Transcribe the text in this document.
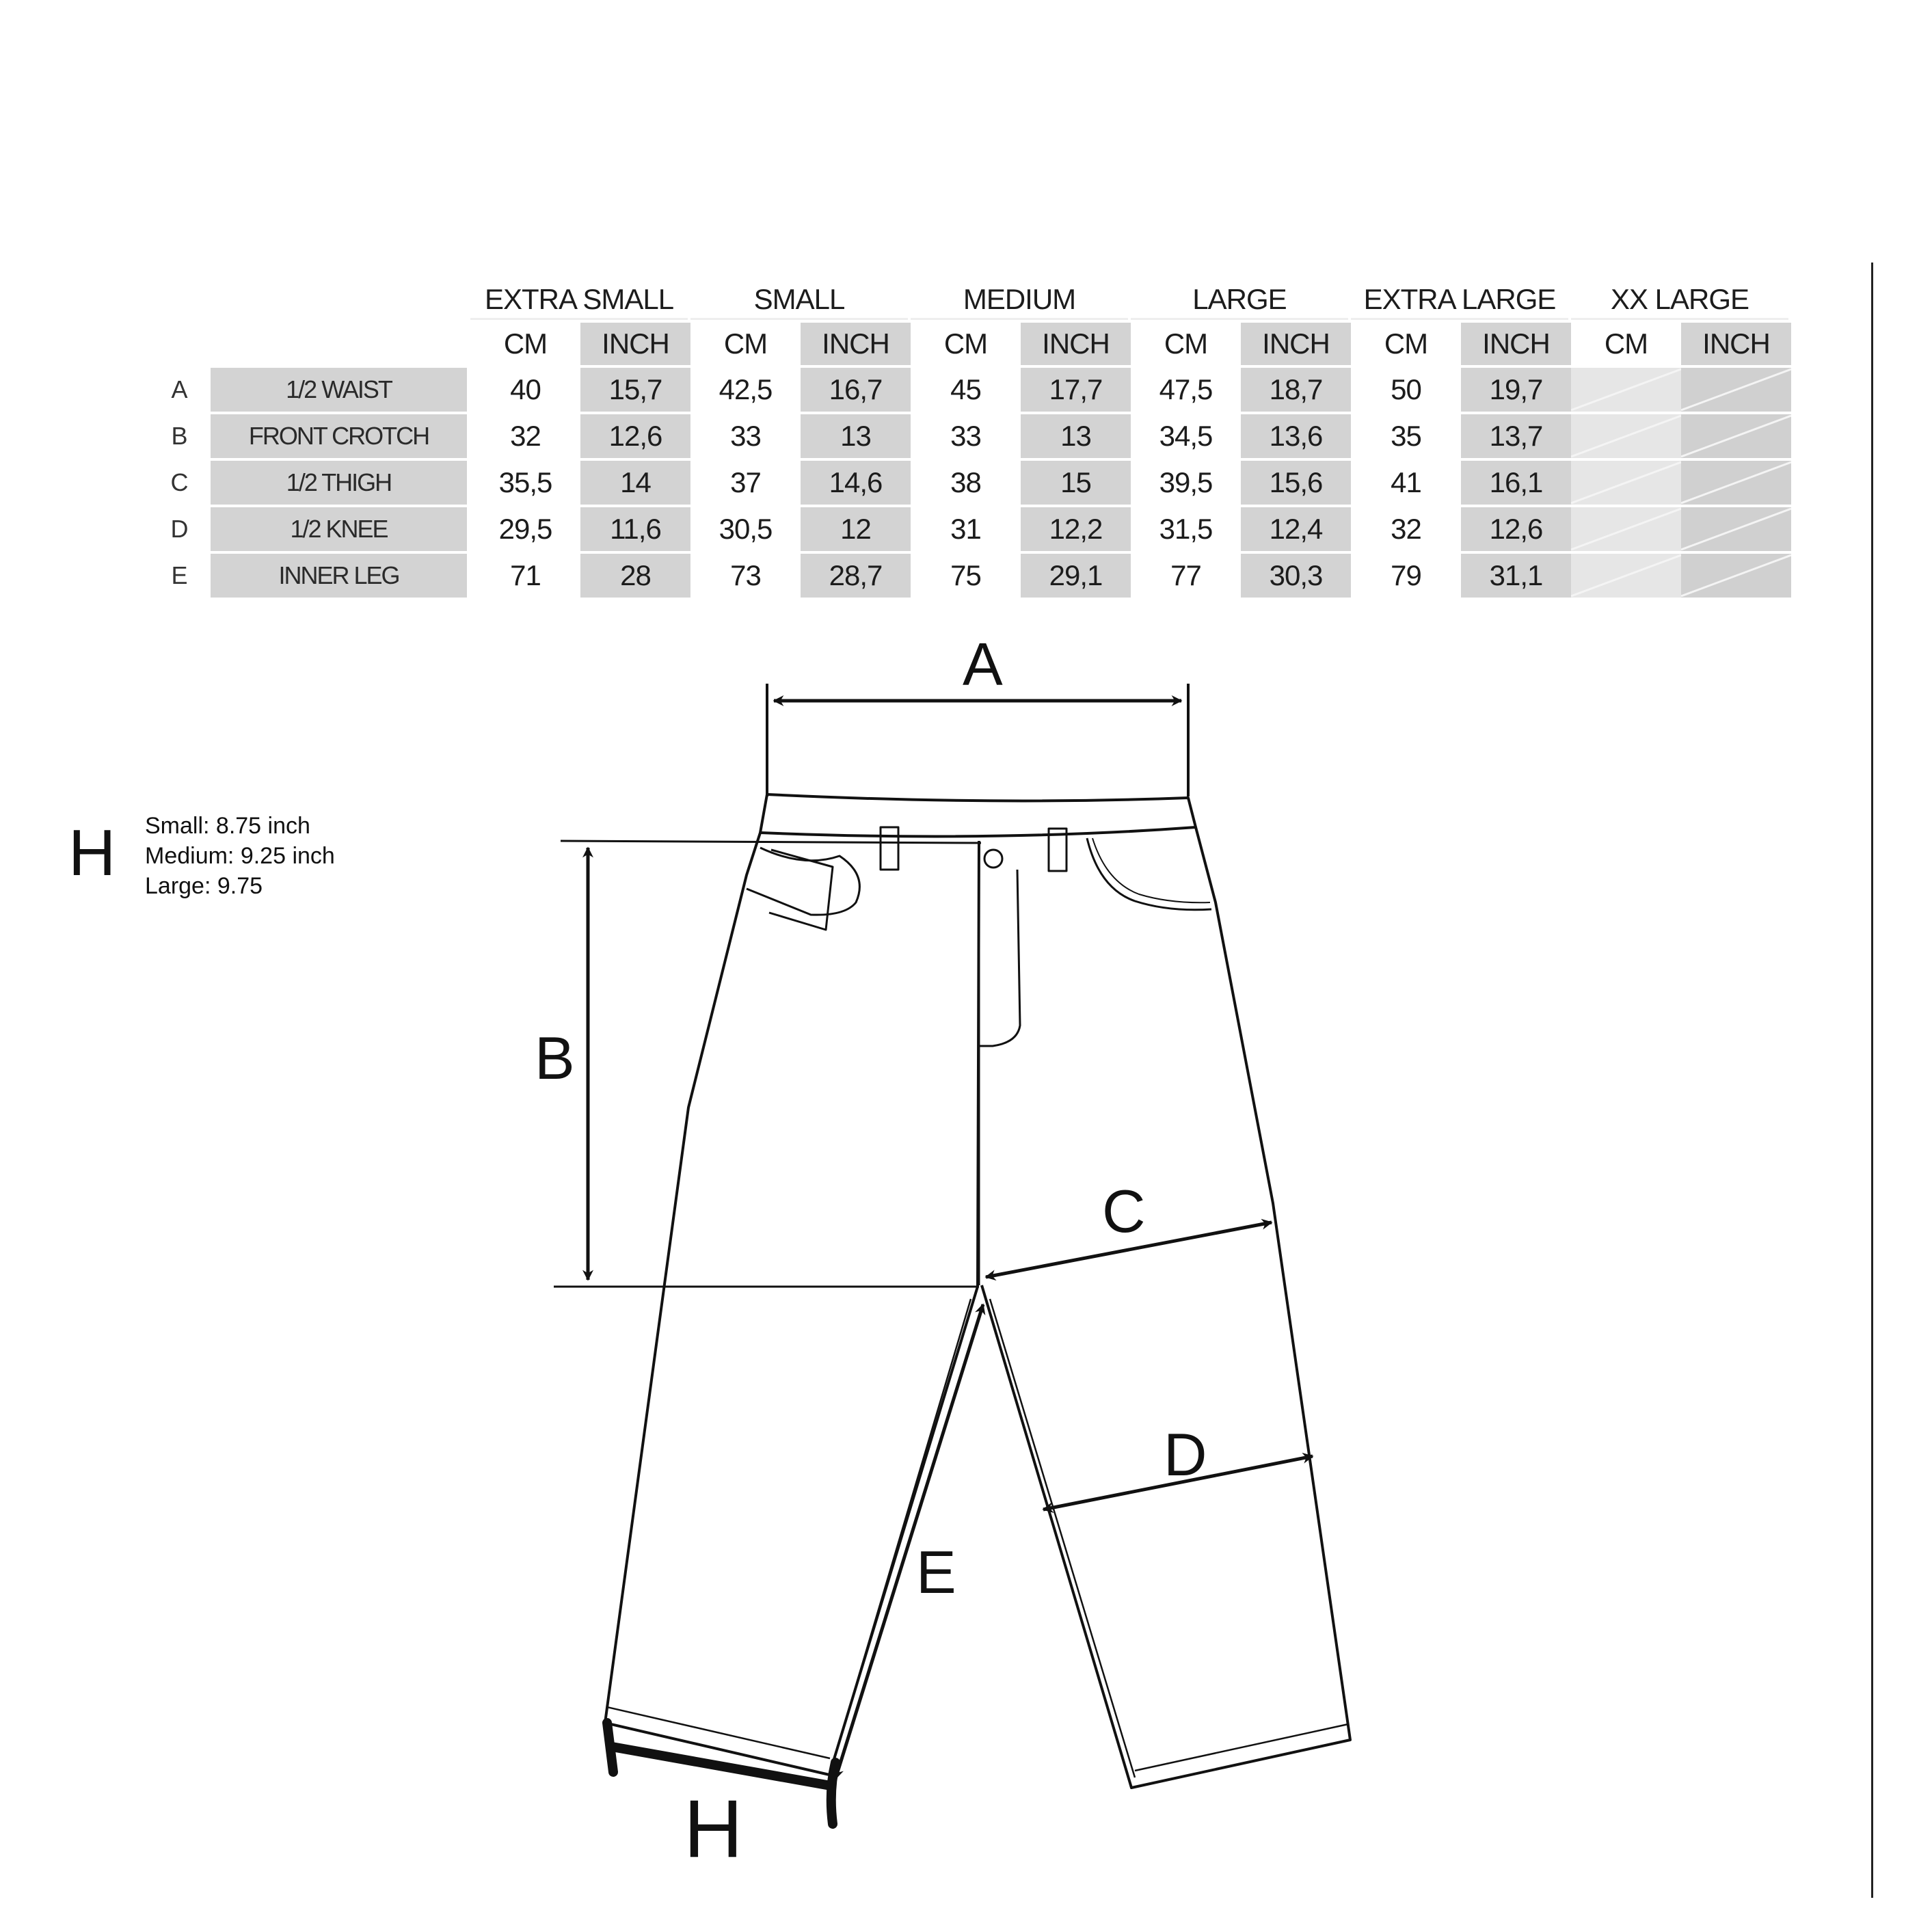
EXTRA SMALL
CM	INCH
SMALL
CM	INCH
MEDIUM
CM	INCH
LARGE
CM	INCH
EXTRA LARGE
CM	INCH
XX LARGE
CM	INCH
A	1/2 WAIST	40	15,7	42,5	16,7	45	17,7	47,5	18,7	50	19,7
B	FRONT CROTCH	32	12,6	33	13	33	13	34,5	13,6	35	13,7
C	1/2 THIGH	35,5	14	37	14,6	38	15	39,5	15,6	41	16,1
D	1/2 KNEE	29,5	11,6	30,5	12	31	12,2	31,5	12,4	32	12,6
E	INNER LEG	71	28	73	28,7	75	29,1	77	30,3	79	31,1
H Small: 8.75 inch
Medium: 9.25 inch
Large: 9.75
A
B
C
D
E
H
